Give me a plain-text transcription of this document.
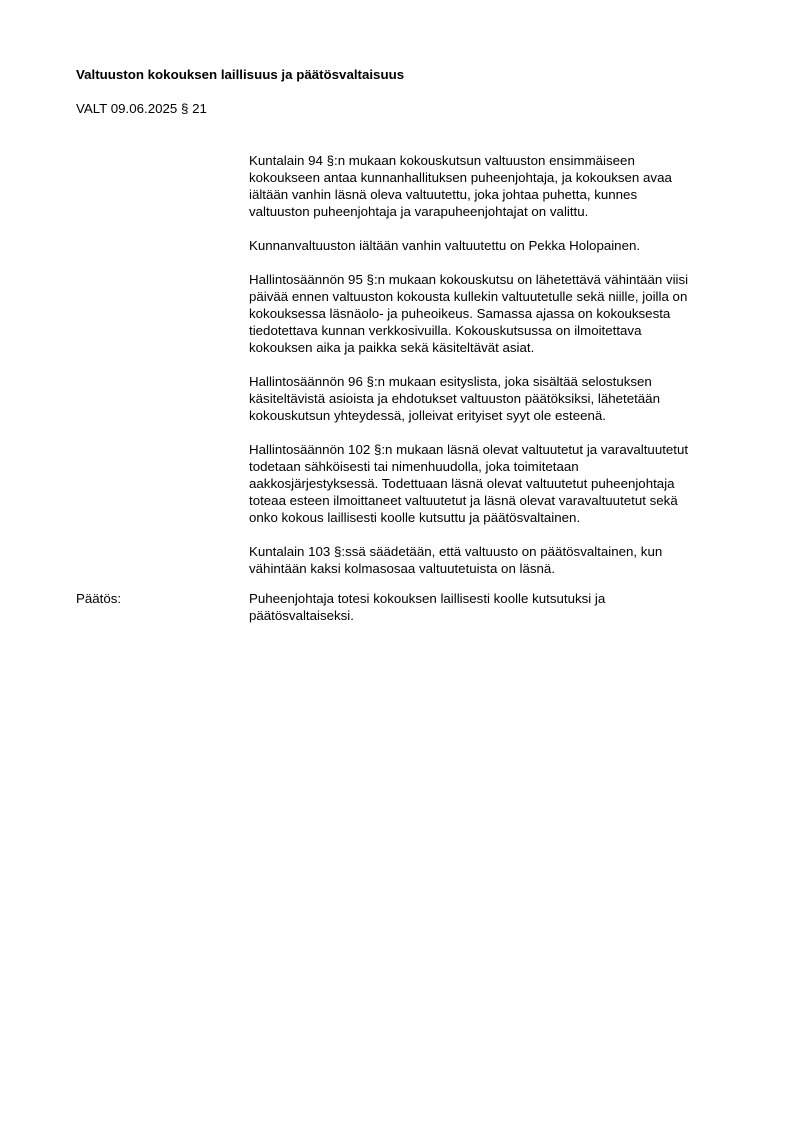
Valtuuston kokouksen laillisuus ja päätösvaltaisuus
VALT 09.06.2025 § 21

Kuntalain 94 §:n mukaan kokouskutsun valtuuston ensimmäiseen
kokoukseen antaa kunnanhallituksen puheenjohtaja, ja kokouksen avaa
iältään vanhin läsnä oleva valtuutettu, joka johtaa puhetta, kunnes
valtuuston puheenjohtaja ja varapuheenjohtajat on valittu.

Kunnanvaltuuston iältään vanhin valtuutettu on Pekka Holopainen.

Hallintosäännön 95 §:n mukaan kokouskutsu on lähetettävä vähintään viisi
päivää ennen valtuuston kokousta kullekin valtuutetulle sekä niille, joilla on
kokouksessa läsnäolo- ja puheoikeus. Samassa ajassa on kokouksesta
tiedotettava kunnan verkkosivuilla. Kokouskutsussa on ilmoitettava
kokouksen aika ja paikka sekä käsiteltävät asiat.

Hallintosäännön 96 §:n mukaan esityslista, joka sisältää selostuksen
käsiteltävistä asioista ja ehdotukset valtuuston päätöksiksi, lähetetään
kokouskutsun yhteydessä, jolleivat erityiset syyt ole esteenä.

Hallintosäännön 102 §:n mukaan läsnä olevat valtuutetut ja varavaltuutetut
todetaan sähköisesti tai nimenhuudolla, joka toimitetaan
aakkosjärjestyksessä. Todettuaan läsnä olevat valtuutetut puheenjohtaja
toteaa esteen ilmoittaneet valtuutetut ja läsnä olevat varavaltuutetut sekä
onko kokous laillisesti koolle kutsuttu ja päätösvaltainen.

Kuntalain 103 §:ssä säädetään, että valtuusto on päätösvaltainen, kun
vähintään kaksi kolmasosaa valtuutetuista on läsnä.

Päätös:	Puheenjohtaja totesi kokouksen laillisesti koolle kutsutuksi ja
päätösvaltaiseksi.
